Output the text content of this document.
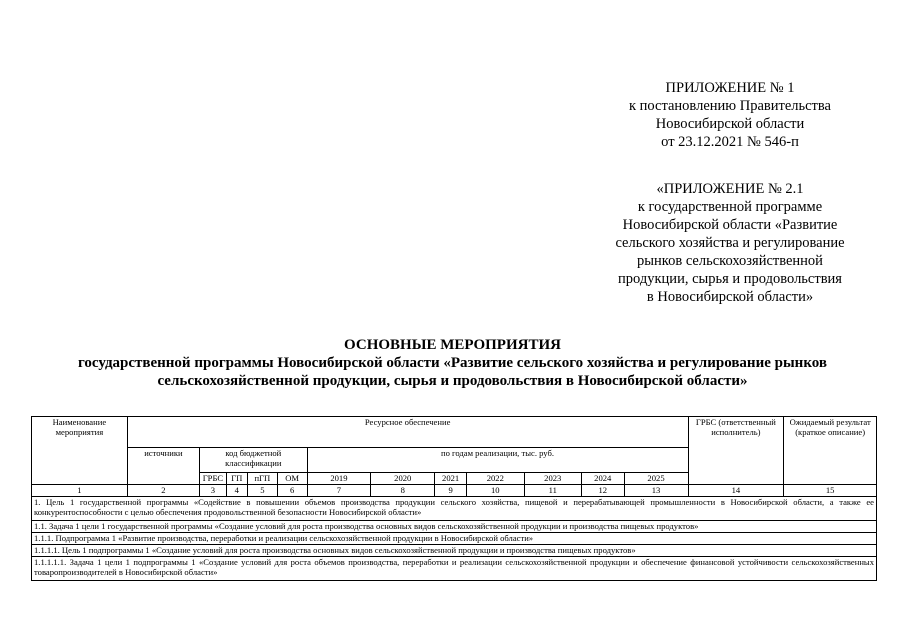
ПРИЛОЖЕНИЕ № 1
к постановлению Правительства
Новосибирской области
от 23.12.2021 № 546-п
«ПРИЛОЖЕНИЕ № 2.1
к государственной программе
Новосибирской области «Развитие
сельского хозяйства и регулирование
рынков сельскохозяйственной
продукции, сырья и продовольствия
в Новосибирской области»
ОСНОВНЫЕ МЕРОПРИЯТИЯ
государственной программы Новосибирской области «Развитие сельского хозяйства и регулирование рынков
сельскохозяйственной продукции, сырья и продовольствия в Новосибирской области»
Наименование мероприятия	Ресурсное обеспечение												ГРБС (ответственный исполнитель)	Ожидаемый результат (краткое описание)
	источники	код бюджетной классификации				по годам реализации, тыс. руб.								
		ГРБС	ГП	пГП	ОМ	2019	2020	2021	2022	2023	2024	2025		
1	2	3	4	5	6	7	8	9	10	11	12	13	14	15
1. Цель 1 государственной программы «Содействие в повышении объемов производства продукции сельского хозяйства, пищевой и перерабатывающей промышленности в Новосибирской области, а также ее конкурентоспособности с целью обеспечения продовольственной безопасности Новосибирской области»														
1.1. Задача 1 цели 1 государственной программы «Создание условий для роста производства основных видов сельскохозяйственной продукции и производства пищевых продуктов»														
1.1.1. Подпрограмма 1 «Развитие производства, переработки и реализации сельскохозяйственной продукции в Новосибирской области»														
1.1.1.1. Цель 1 подпрограммы 1 «Создание условий для роста производства основных видов сельскохозяйственной продукции и производства пищевых продуктов»														
1.1.1.1.1. Задача 1 цели 1 подпрограммы 1 «Создание условий для роста объемов производства, переработки и реализации сельскохозяйственной продукции и обеспечение финансовой устойчивости сельскохозяйственных товаропроизводителей в Новосибирской области»														
